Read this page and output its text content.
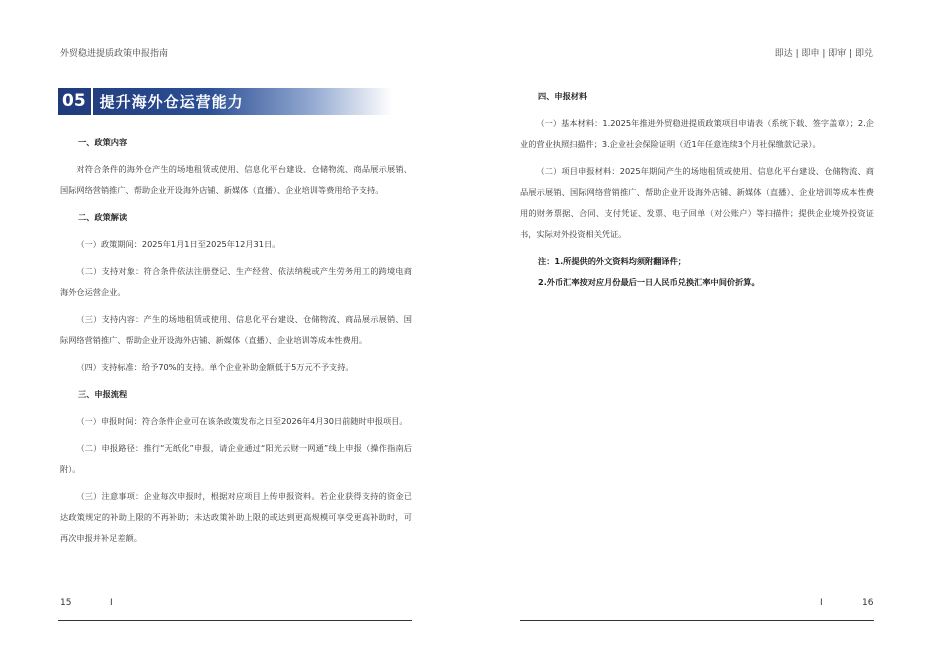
外贸稳进提质政策申报指南
05 提升海外仓运营能力
一、政策内容

对符合条件的海外仓产生的场地租赁或使用、信息化平台建设、仓储物流、商品展示展销、国际网络营销推广、帮助企业开设海外店铺、新媒体（直播）、企业培训等费用给予支持。

二、政策解读

（一）政策期间：2025年1月1日至2025年12月31日。

（二）支持对象：符合条件依法注册登记、生产经营、依法纳税或产生劳务用工的跨境电商海外仓运营企业。

（三）支持内容：产生的场地租赁或使用、信息化平台建设、仓储物流、商品展示展销、国际网络营销推广、帮助企业开设海外店铺、新媒体（直播）、企业培训等成本性费用。

（四）支持标准：给予70%的支持。单个企业补助金额低于5万元不予支持。

三、申报流程

（一）申报时间：符合条件企业可在该条政策发布之日至2026年4月30日前随时申报项目。

（二）申报路径：推行“无纸化”申报，请企业通过“阳光云财一网通”线上申报（操作指南后附）。

（三）注意事项：企业每次申报时，根据对应项目上传申报资料。若企业获得支持的资金已达政策规定的补助上限的不再补助；未达政策补助上限的或达到更高规模可享受更高补助时，可再次申报并补足差额。

15	I
即达 | 即申 | 即审 | 即兑
四、申报材料

（一）基本材料：1.2025年推进外贸稳进提质政策项目申请表（系统下载、签字盖章）；2.企业的营业执照扫描件；3.企业社会保险证明（近1年任意连续3个月社保缴款记录）。

（二）项目申报材料：2025年期间产生的场地租赁或使用、信息化平台建设、仓储物流、商品展示展销、国际网络营销推广、帮助企业开设海外店铺、新媒体（直播）、企业培训等成本性费用的财务票据、合同、支付凭证、发票、电子回单（对公账户）等扫描件；提供企业境外投资证书，实际对外投资相关凭证。

注：1.所提供的外文资料均须附翻译件；

2.外币汇率按对应月份最后一日人民币兑换汇率中间价折算。

I	16
